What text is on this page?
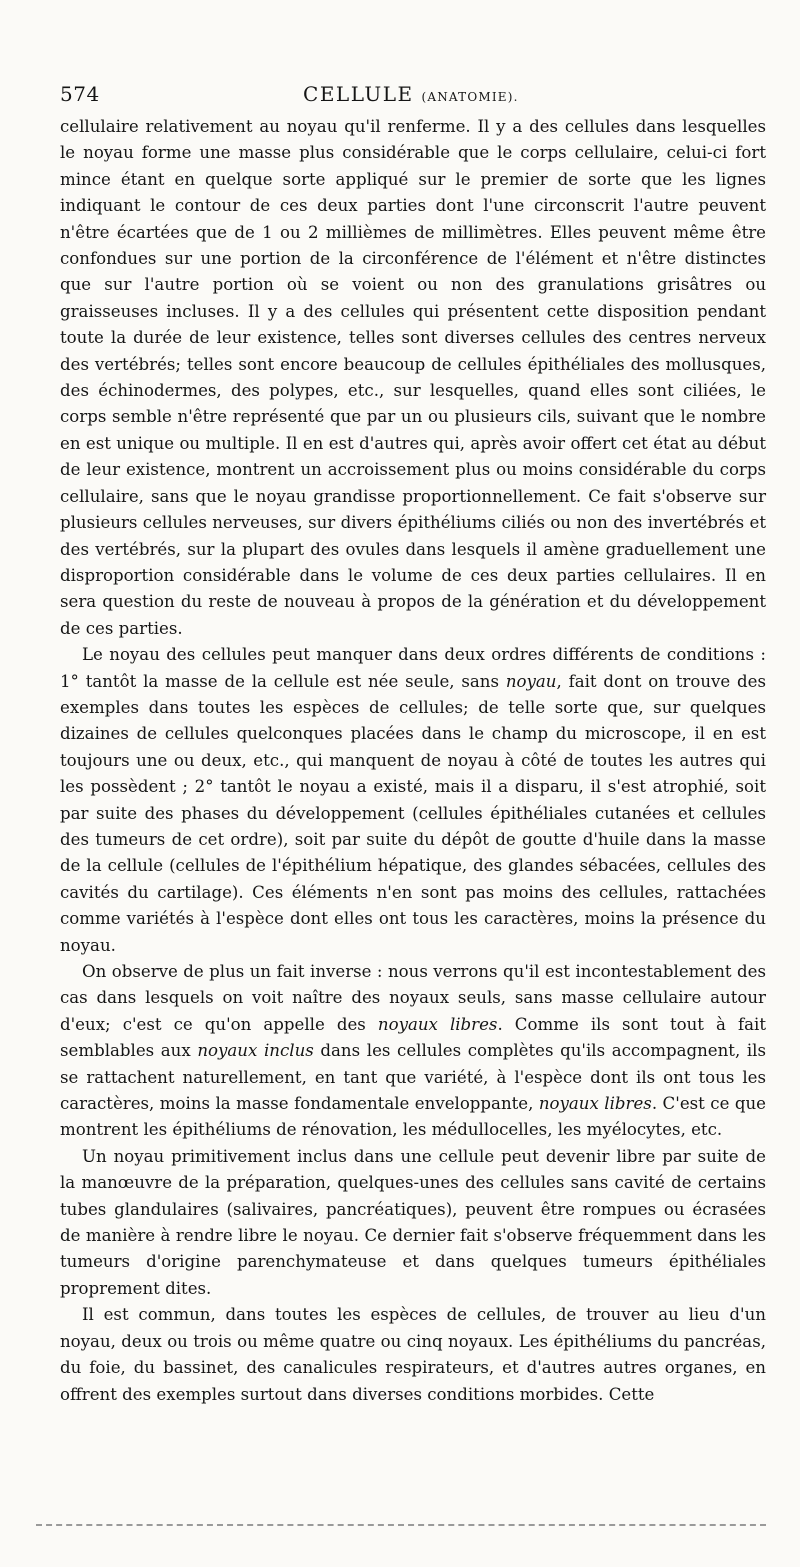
574	CELLULE (ANATOMIE).

cellulaire relativement au noyau qu'il renferme. Il y a des cellules dans lesquelles le noyau forme une masse plus considérable que le corps cellulaire, celui-ci fort mince étant en quelque sorte appliqué sur le premier de sorte que les lignes indiquant le contour de ces deux parties dont l'une circonscrit l'autre peuvent n'être écartées que de 1 ou 2 millièmes de millimètres. Elles peuvent même être confondues sur une portion de la circonférence de l'élément et n'être distinctes que sur l'autre portion où se voient ou non des granulations grisâtres ou graisseuses incluses. Il y a des cellules qui présentent cette disposition pendant toute la durée de leur existence, telles sont diverses cellules des centres nerveux des vertébrés; telles sont encore beaucoup de cellules épithéliales des mollusques, des échinodermes, des polypes, etc., sur lesquelles, quand elles sont ciliées, le corps semble n'être représenté que par un ou plusieurs cils, suivant que le nombre en est unique ou multiple. Il en est d'autres qui, après avoir offert cet état au début de leur existence, montrent un accroissement plus ou moins considérable du corps cellulaire, sans que le noyau grandisse proportionnellement. Ce fait s'observe sur plusieurs cellules nerveuses, sur divers épithéliums ciliés ou non des invertébrés et des vertébrés, sur la plupart des ovules dans lesquels il amène graduellement une disproportion considérable dans le volume de ces deux parties cellulaires. Il en sera question du reste de nouveau à propos de la génération et du développement de ces parties.

Le noyau des cellules peut manquer dans deux ordres différents de conditions : 1° tantôt la masse de la cellule est née seule, sans noyau, fait dont on trouve des exemples dans toutes les espèces de cellules; de telle sorte que, sur quelques dizaines de cellules quelconques placées dans le champ du microscope, il en est toujours une ou deux, etc., qui manquent de noyau à côté de toutes les autres qui les possèdent ; 2° tantôt le noyau a existé, mais il a disparu, il s'est atrophié, soit par suite des phases du développement (cellules épithéliales cutanées et cellules des tumeurs de cet ordre), soit par suite du dépôt de goutte d'huile dans la masse de la cellule (cellules de l'épithélium hépatique, des glandes sébacées, cellules des cavités du cartilage). Ces éléments n'en sont pas moins des cellules, rattachées comme variétés à l'espèce dont elles ont tous les caractères, moins la présence du noyau.

On observe de plus un fait inverse : nous verrons qu'il est incontestablement des cas dans lesquels on voit naître des noyaux seuls, sans masse cellulaire autour d'eux; c'est ce qu'on appelle des noyaux libres. Comme ils sont tout à fait semblables aux noyaux inclus dans les cellules complètes qu'ils accompagnent, ils se rattachent naturellement, en tant que variété, à l'espèce dont ils ont tous les caractères, moins la masse fondamentale enveloppante, noyaux libres. C'est ce que montrent les épithéliums de rénovation, les médullocelles, les myélocytes, etc.

Un noyau primitivement inclus dans une cellule peut devenir libre par suite de la manœuvre de la préparation, quelques-unes des cellules sans cavité de certains tubes glandulaires (salivaires, pancréatiques), peuvent être rompues ou écrasées de manière à rendre libre le noyau. Ce dernier fait s'observe fréquemment dans les tumeurs d'origine parenchymateuse et dans quelques tumeurs épithéliales proprement dites.

Il est commun, dans toutes les espèces de cellules, de trouver au lieu d'un noyau, deux ou trois ou même quatre ou cinq noyaux. Les épithéliums du pancréas, du foie, du bassinet, des canalicules respirateurs, et d'autres autres organes, en offrent des exemples surtout dans diverses conditions morbides. Cette
